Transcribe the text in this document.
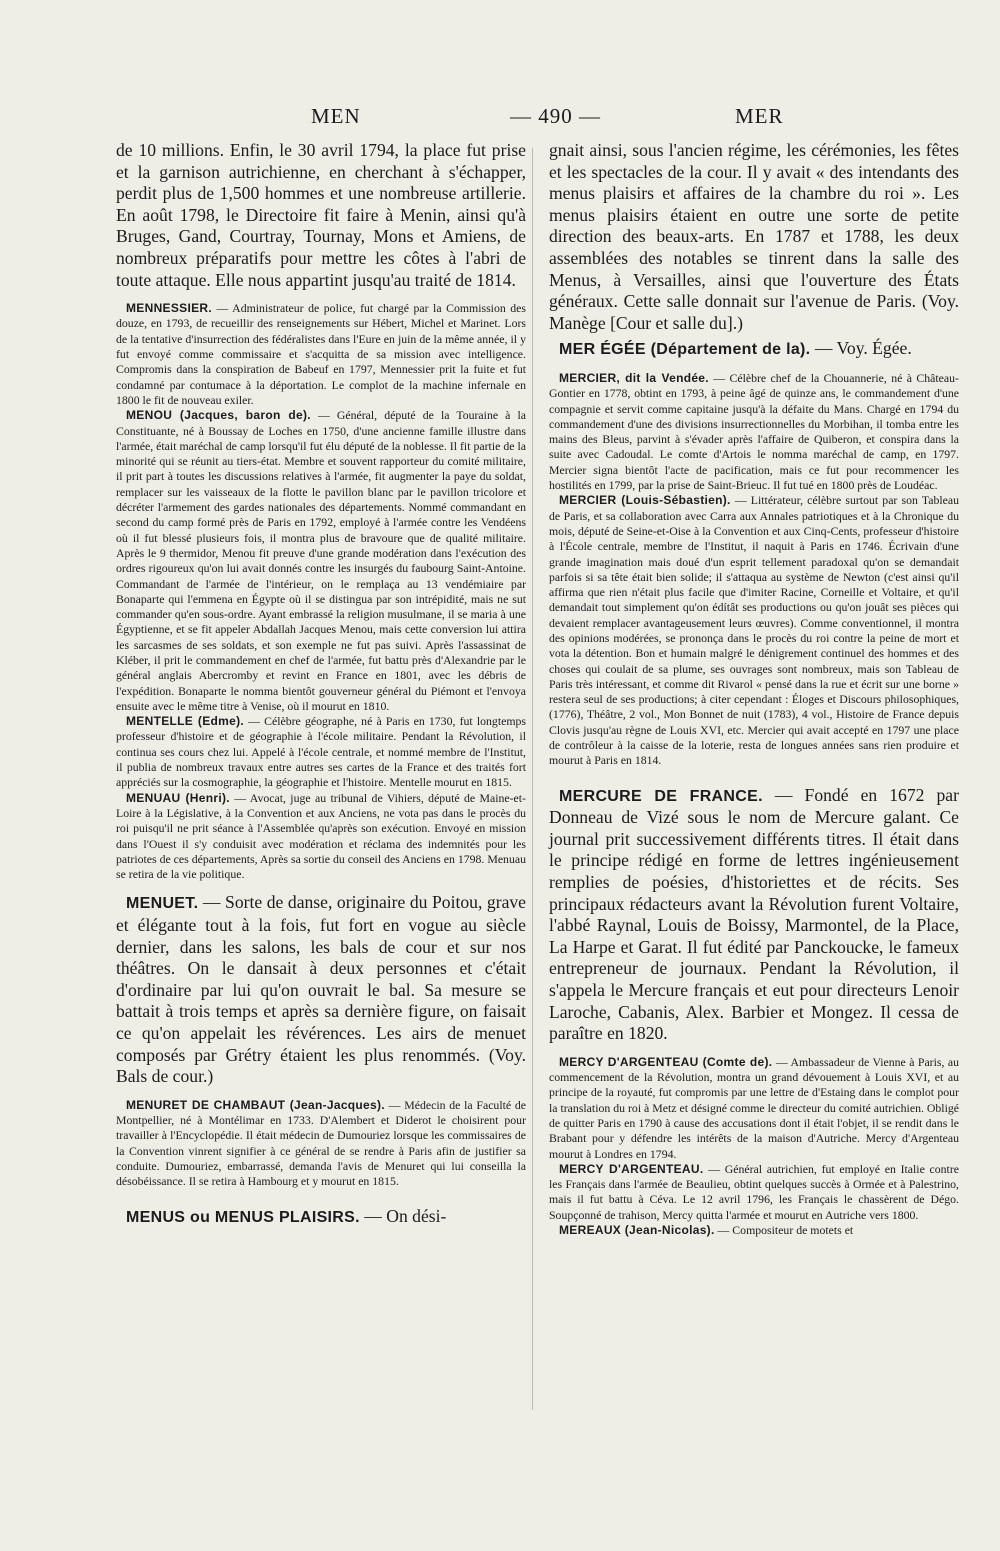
MEN	— 490 —	MER

de 10 millions. Enfin, le 30 avril 1794, la place fut prise et la garnison autrichienne, en cherchant à s'échapper, perdit plus de 1,500 hommes et une nombreuse artillerie. En août 1798, le Directoire fit faire à Menin, ainsi qu'à Bruges, Gand, Courtray, Tournay, Mons et Amiens, de nombreux préparatifs pour mettre les côtes à l'abri de toute attaque. Elle nous appartint jusqu'au traité de 1814.

MENNESSIER. — Administrateur de police, fut chargé par la Commission des douze, en 1793, de recueillir des renseignements sur Hébert, Michel et Marinet. Lors de la tentative d'insurrection des fédéralistes dans l'Eure en juin de la même année, il y fut envoyé comme commissaire et s'acquitta de sa mission avec intelligence. Compromis dans la conspiration de Babeuf en 1797, Mennessier prit la fuite et fut condamné par contumace à la déportation. Le complot de la machine infernale en 1800 le fit de nouveau exiler.

MENOU (Jacques, baron de). — Général, député de la Touraine à la Constituante, né à Boussay de Loches en 1750, d'une ancienne famille illustre dans l'armée, était maréchal de camp lorsqu'il fut élu député de la noblesse. Il fit partie de la minorité qui se réunit au tiers-état. Membre et souvent rapporteur du comité militaire, il prit part à toutes les discussions relatives à l'armée, fit augmenter la paye du soldat, remplacer sur les vaisseaux de la flotte le pavillon blanc par le pavillon tricolore et décréter l'armement des gardes nationales des départements. Nommé commandant en second du camp formé près de Paris en 1792, employé à l'armée contre les Vendéens où il fut blessé plusieurs fois, il montra plus de bravoure que de qualité militaire. Après le 9 thermidor, Menou fit preuve d'une grande modération dans l'exécution des ordres rigoureux qu'on lui avait donnés contre les insurgés du faubourg Saint-Antoine. Commandant de l'armée de l'intérieur, on le remplaça au 13 vendémiaire par Bonaparte qui l'emmena en Égypte où il se distingua par son intrépidité, mais ne sut commander qu'en sous-ordre. Ayant embrassé la religion musulmane, il se maria à une Égyptienne, et se fit appeler Abdallah Jacques Menou, mais cette conversion lui attira les sarcasmes de ses soldats, et son exemple ne fut pas suivi. Après l'assassinat de Kléber, il prit le commandement en chef de l'armée, fut battu près d'Alexandrie par le général anglais Abercromby et revint en France en 1801, avec les débris de l'expédition. Bonaparte le nomma bientôt gouverneur général du Piémont et l'envoya ensuite avec le même titre à Venise, où il mourut en 1810.

MENTELLE (Edme). — Célèbre géographe, né à Paris en 1730, fut longtemps professeur d'histoire et de géographie à l'école militaire. Pendant la Révolution, il continua ses cours chez lui. Appelé à l'école centrale, et nommé membre de l'Institut, il publia de nombreux travaux entre autres ses cartes de la France et des traités fort appréciés sur la cosmographie, la géographie et l'histoire. Mentelle mourut en 1815.

MENUAU (Henri). — Avocat, juge au tribunal de Vihiers, député de Maine-et-Loire à la Législative, à la Convention et aux Anciens, ne vota pas dans le procès du roi puisqu'il ne prit séance à l'Assemblée qu'après son exécution. Envoyé en mission dans l'Ouest il s'y conduisit avec modération et réclama des indemnités pour les patriotes de ces départements, Après sa sortie du conseil des Anciens en 1798. Menuau se retira de la vie politique.

MENUET. — Sorte de danse, originaire du Poitou, grave et élégante tout à la fois, fut fort en vogue au siècle dernier, dans les salons, les bals de cour et sur nos théâtres. On le dansait à deux personnes et c'était d'ordinaire par lui qu'on ouvrait le bal. Sa mesure se battait à trois temps et après sa dernière figure, on faisait ce qu'on appelait les révérences. Les airs de menuet composés par Grétry étaient les plus renommés. (Voy. Bals de cour.)

MENURET DE CHAMBAUT (Jean-Jacques). — Médecin de la Faculté de Montpellier, né à Montélimar en 1733. D'Alembert et Diderot le choisirent pour travailler à l'Encyclopédie. Il était médecin de Dumouriez lorsque les commissaires de la Convention vinrent signifier à ce général de se rendre à Paris afin de justifier sa conduite. Dumouriez, embarrassé, demanda l'avis de Menuret qui lui conseilla la désobéissance. Il se retira à Hambourg et y mourut en 1815.

MENUS ou MENUS PLAISIRS. — On dési-

gnait ainsi, sous l'ancien régime, les cérémonies, les fêtes et les spectacles de la cour. Il y avait « des intendants des menus plaisirs et affaires de la chambre du roi ». Les menus plaisirs étaient en outre une sorte de petite direction des beaux-arts. En 1787 et 1788, les deux assemblées des notables se tinrent dans la salle des Menus, à Versailles, ainsi que l'ouverture des États généraux. Cette salle donnait sur l'avenue de Paris. (Voy. Manège [Cour et salle du].)

MER ÉGÉE (Département de la). — Voy. Égée.

MERCIER, dit la Vendée. — Célèbre chef de la Chouannerie, né à Château-Gontier en 1778, obtint en 1793, à peine âgé de quinze ans, le commandement d'une compagnie et servit comme capitaine jusqu'à la défaite du Mans. Chargé en 1794 du commandement d'une des divisions insurrectionnelles du Morbihan, il tomba entre les mains des Bleus, parvint à s'évader après l'affaire de Quiberon, et conspira dans la suite avec Cadoudal. Le comte d'Artois le nomma maréchal de camp, en 1797. Mercier signa bientôt l'acte de pacification, mais ce fut pour recommencer les hostilités en 1799, par la prise de Saint-Brieuc. Il fut tué en 1800 près de Loudéac.

MERCIER (Louis-Sébastien). — Littérateur, célèbre surtout par son Tableau de Paris, et sa collaboration avec Carra aux Annales patriotiques et à la Chronique du mois, député de Seine-et-Oise à la Convention et aux Cinq-Cents, professeur d'histoire à l'École centrale, membre de l'Institut, il naquit à Paris en 1746. Écrivain d'une grande imagination mais doué d'un esprit tellement paradoxal qu'on se demandait parfois si sa tête était bien solide; il s'attaqua au système de Newton (c'est ainsi qu'il affirma que rien n'était plus facile que d'imiter Racine, Corneille et Voltaire, et qu'il demandait tout simplement qu'on édítât ses productions ou qu'on jouât ses pièces qui devaient remplacer avantageusement leurs œuvres). Comme conventionnel, il montra des opinions modérées, se prononça dans le procès du roi contre la peine de mort et vota la détention. Bon et humain malgré le dénigrement continuel des hommes et des choses qui coulait de sa plume, ses ouvrages sont nombreux, mais son Tableau de Paris très intéressant, et comme dit Rivarol « pensé dans la rue et écrit sur une borne » restera seul de ses productions; à citer cependant : Éloges et Discours philosophiques, (1776), Théâtre, 2 vol., Mon Bonnet de nuit (1783), 4 vol., Histoire de France depuis Clovis jusqu'au règne de Louis XVI, etc. Mercier qui avait accepté en 1797 une place de contrôleur à la caisse de la loterie, resta de longues années sans rien produire et mourut à Paris en 1814.

MERCURE DE FRANCE. — Fondé en 1672 par Donneau de Vizé sous le nom de Mercure galant. Ce journal prit successivement différents titres. Il était dans le principe rédigé en forme de lettres ingénieusement remplies de poésies, d'historiettes et de récits. Ses principaux rédacteurs avant la Révolution furent Voltaire, l'abbé Raynal, Louis de Boissy, Marmontel, de la Place, La Harpe et Garat. Il fut édité par Panckoucke, le fameux entrepreneur de journaux. Pendant la Révolution, il s'appela le Mercure français et eut pour directeurs Lenoir Laroche, Cabanis, Alex. Barbier et Mongez. Il cessa de paraître en 1820.

MERCY D'ARGENTEAU (Comte de). — Ambassadeur de Vienne à Paris, au commencement de la Révolution, montra un grand dévouement à Louis XVI, et au principe de la royauté, fut compromis par une lettre de d'Estaing dans le complot pour la translation du roi à Metz et désigné comme le directeur du comité autrichien. Obligé de quitter Paris en 1790 à cause des accusations dont il était l'objet, il se rendit dans le Brabant pour y défendre les intérêts de la maison d'Autriche. Mercy d'Argenteau mourut à Londres en 1794.

MERCY D'ARGENTEAU. — Général autrichien, fut employé en Italie contre les Français dans l'armée de Beaulieu, obtint quelques succès à Ormée et à Palestrino, mais il fut battu à Céva. Le 12 avril 1796, les Français le chassèrent de Dégo. Soupçonné de trahison, Mercy quitta l'armée et mourut en Autriche vers 1800.

MEREAUX (Jean-Nicolas). — Compositeur de motets et
